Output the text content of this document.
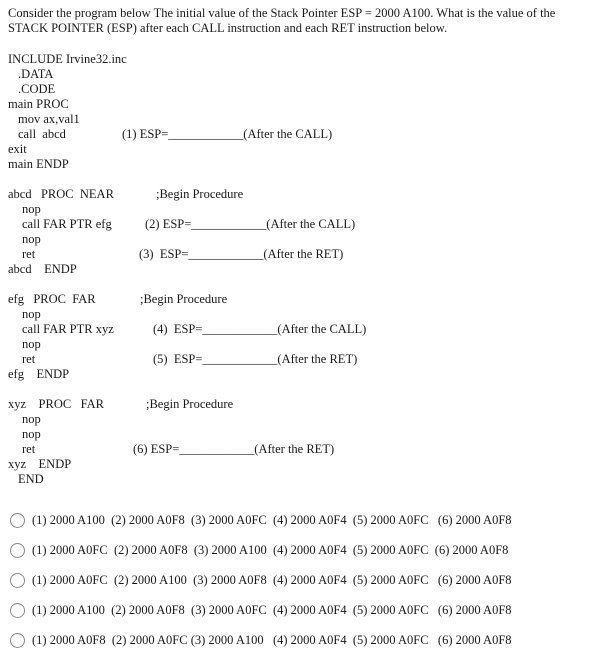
Consider the program below The initial value of the Stack Pointer ESP = 2000 A100. What is the value of the STACK POINTER (ESP) after each CALL instruction and each RET instruction below.

INCLUDE Irvine32.inc
.DATA
.CODE
main PROC
mov ax,val1
call  abcd	(1) ESP=____________(After the CALL)
exit
main ENDP
abcd   PROC  NEAR	;Begin Procedure
nop
call FAR PTR efg	(2) ESP=____________(After the CALL)
nop
ret	(3)  ESP=____________(After the RET)
abcd    ENDP
efg   PROC  FAR	;Begin Procedure
nop
call FAR PTR xyz	(4)  ESP=____________(After the CALL)
nop
ret	(5)  ESP=____________(After the RET)
efg    ENDP
xyz    PROC   FAR	;Begin Procedure
nop
nop
ret	(6) ESP=____________(After the RET)
xyz    ENDP
END
(1) 2000 A100  (2) 2000 A0F8  (3) 2000 A0FC  (4) 2000 A0F4  (5) 2000 A0FC   (6) 2000 A0F8
(1) 2000 A0FC  (2) 2000 A0F8  (3) 2000 A100  (4) 2000 A0F4  (5) 2000 A0FC  (6) 2000 A0F8
(1) 2000 A0FC  (2) 2000 A100  (3) 2000 A0F8  (4) 2000 A0F4  (5) 2000 A0FC   (6) 2000 A0F8
(1) 2000 A100  (2) 2000 A0F8  (3) 2000 A0FC  (4) 2000 A0F4  (5) 2000 A0FC   (6) 2000 A0F8
(1) 2000 A0F8  (2) 2000 A0FC (3) 2000 A100   (4) 2000 A0F4  (5) 2000 A0FC   (6) 2000 A0F8
